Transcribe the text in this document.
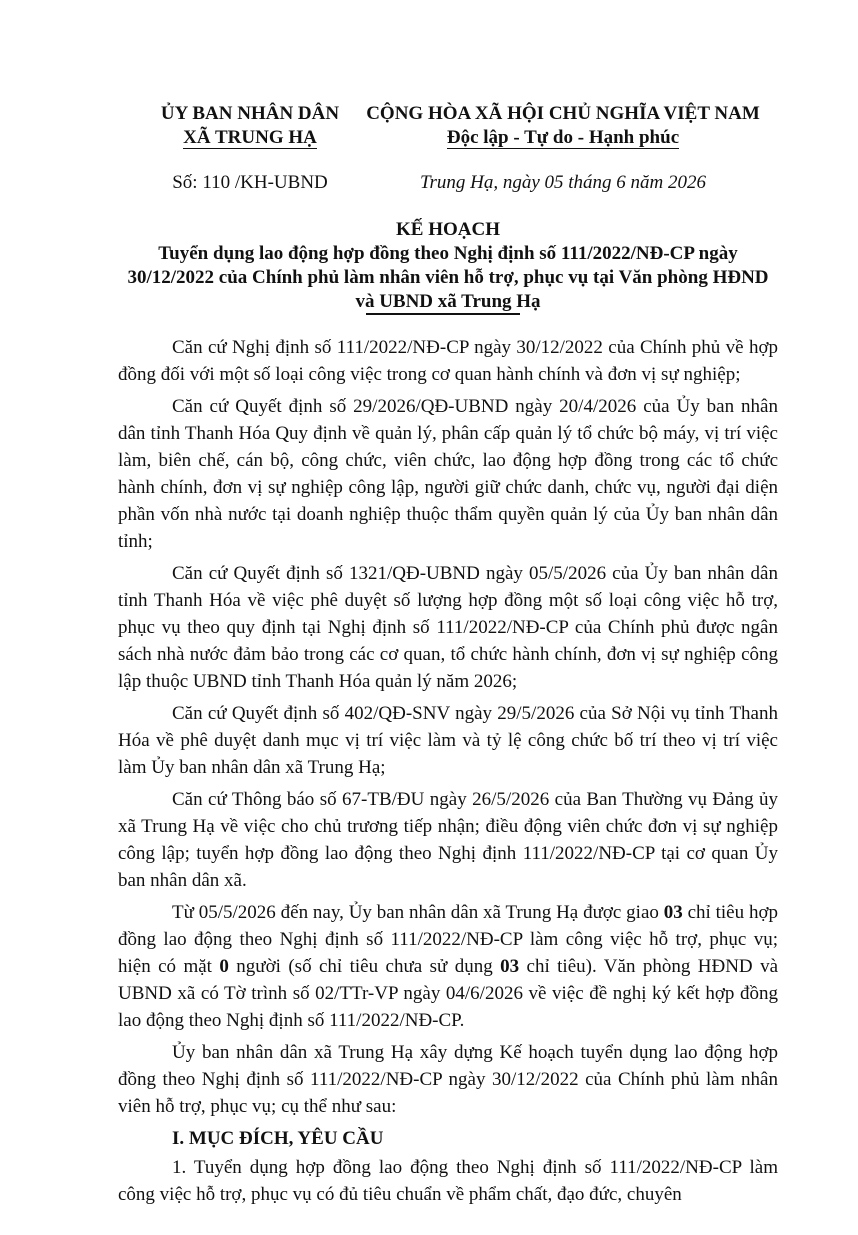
ỦY BAN NHÂN DÂN
XÃ TRUNG HẠ
CỘNG HÒA XÃ HỘI CHỦ NGHĨA VIỆT NAM
Độc lập - Tự do - Hạnh phúc
Số: 110 /KH-UBND	Trung Hạ, ngày 05 tháng 6 năm 2026
KẾ HOẠCH
Tuyển dụng lao động hợp đồng theo Nghị định số 111/2022/NĐ-CP ngày 30/12/2022 của Chính phủ làm nhân viên hỗ trợ, phục vụ tại Văn phòng HĐND và UBND xã Trung Hạ

Căn cứ Nghị định số 111/2022/NĐ-CP ngày 30/12/2022 của Chính phủ về hợp đồng đối với một số loại công việc trong cơ quan hành chính và đơn vị sự nghiệp;

Căn cứ Quyết định số 29/2026/QĐ-UBND ngày 20/4/2026 của Ủy ban nhân dân tỉnh Thanh Hóa Quy định về quản lý, phân cấp quản lý tổ chức bộ máy, vị trí việc làm, biên chế, cán bộ, công chức, viên chức, lao động hợp đồng trong các tổ chức hành chính, đơn vị sự nghiệp công lập, người giữ chức danh, chức vụ, người đại diện phần vốn nhà nước tại doanh nghiệp thuộc thẩm quyền quản lý của Ủy ban nhân dân tỉnh;

Căn cứ Quyết định số 1321/QĐ-UBND ngày 05/5/2026 của Ủy ban nhân dân tỉnh Thanh Hóa về việc phê duyệt số lượng hợp đồng một số loại công việc hỗ trợ, phục vụ theo quy định tại Nghị định số 111/2022/NĐ-CP của Chính phủ được ngân sách nhà nước đảm bảo trong các cơ quan, tổ chức hành chính, đơn vị sự nghiệp công lập thuộc UBND tỉnh Thanh Hóa quản lý năm 2026;

Căn cứ Quyết định số 402/QĐ-SNV ngày 29/5/2026 của Sở Nội vụ tỉnh Thanh Hóa về phê duyệt danh mục vị trí việc làm và tỷ lệ công chức bố trí theo vị trí việc làm Ủy ban nhân dân xã Trung Hạ;

Căn cứ Thông báo số 67-TB/ĐU ngày 26/5/2026 của Ban Thường vụ Đảng ủy xã Trung Hạ về việc cho chủ trương tiếp nhận; điều động viên chức đơn vị sự nghiệp công lập; tuyển hợp đồng lao động theo Nghị định 111/2022/NĐ-CP tại cơ quan Ủy ban nhân dân xã.

Từ 05/5/2026 đến nay, Ủy ban nhân dân xã Trung Hạ được giao 03 chỉ tiêu hợp đồng lao động theo Nghị định số 111/2022/NĐ-CP làm công việc hỗ trợ, phục vụ; hiện có mặt 0 người (số chỉ tiêu chưa sử dụng 03 chỉ tiêu). Văn phòng HĐND và UBND xã có Tờ trình số 02/TTr-VP ngày 04/6/2026 về việc đề nghị ký kết hợp đồng lao động theo Nghị định số 111/2022/NĐ-CP.

Ủy ban nhân dân xã Trung Hạ xây dựng Kế hoạch tuyển dụng lao động hợp đồng theo Nghị định số 111/2022/NĐ-CP ngày 30/12/2022 của Chính phủ làm nhân viên hỗ trợ, phục vụ; cụ thể như sau:

I. MỤC ĐÍCH, YÊU CẦU

1. Tuyển dụng hợp đồng lao động theo Nghị định số 111/2022/NĐ-CP làm công việc hỗ trợ, phục vụ có đủ tiêu chuẩn về phẩm chất, đạo đức, chuyên
